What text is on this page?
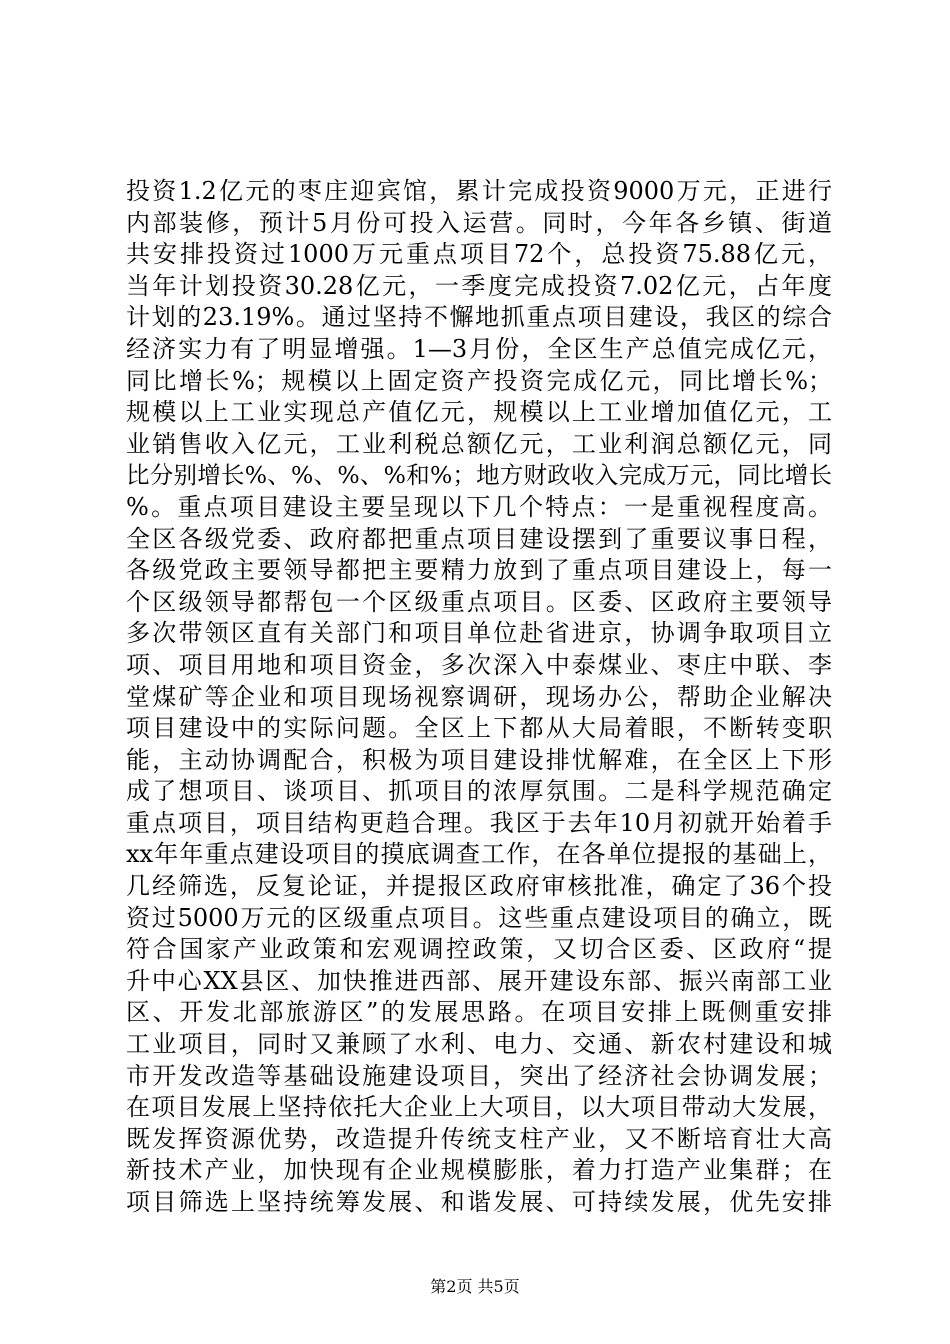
投资1.2亿元的枣庄迎宾馆，累计完成投资9000万元，正进行
内部装修，预计5月份可投入运营。同时，今年各乡镇、街道
共安排投资过1000万元重点项目72个，总投资75.88亿元，
当年计划投资30.28亿元，一季度完成投资7.02亿元，占年度
计划的23.19%。通过坚持不懈地抓重点项目建设，我区的综合
经济实力有了明显增强。1—3月份，全区生产总值完成亿元，
同比增长%；规模以上固定资产投资完成亿元，同比增长%；
规模以上工业实现总产值亿元，规模以上工业增加值亿元，工
业销售收入亿元，工业利税总额亿元，工业利润总额亿元，同
比分别增长%、%、%、%和%；地方财政收入完成万元，同比增长
%。重点项目建设主要呈现以下几个特点：一是重视程度高。
全区各级党委、政府都把重点项目建设摆到了重要议事日程，
各级党政主要领导都把主要精力放到了重点项目建设上，每一
个区级领导都帮包一个区级重点项目。区委、区政府主要领导
多次带领区直有关部门和项目单位赴省进京，协调争取项目立
项、项目用地和项目资金，多次深入中泰煤业、枣庄中联、李
堂煤矿等企业和项目现场视察调研，现场办公，帮助企业解决
项目建设中的实际问题。全区上下都从大局着眼，不断转变职
能，主动协调配合，积极为项目建设排忧解难，在全区上下形
成了想项目、谈项目、抓项目的浓厚氛围。二是科学规范确定
重点项目，项目结构更趋合理。我区于去年10月初就开始着手
xx年年重点建设项目的摸底调查工作，在各单位提报的基础上，
几经筛选，反复论证，并提报区政府审核批准，确定了36个投
资过5000万元的区级重点项目。这些重点建设项目的确立，既
符合国家产业政策和宏观调控政策，又切合区委、区政府“提
升中心XX县区、加快推进西部、展开建设东部、振兴南部工业
区、开发北部旅游区”的发展思路。在项目安排上既侧重安排
工业项目，同时又兼顾了水利、电力、交通、新农村建设和城
市开发改造等基础设施建设项目，突出了经济社会协调发展；
在项目发展上坚持依托大企业上大项目，以大项目带动大发展，
既发挥资源优势，改造提升传统支柱产业，又不断培育壮大高
新技术产业，加快现有企业规模膨胀，着力打造产业集群；在
项目筛选上坚持统筹发展、和谐发展、可持续发展，优先安排
第2页 共5页
